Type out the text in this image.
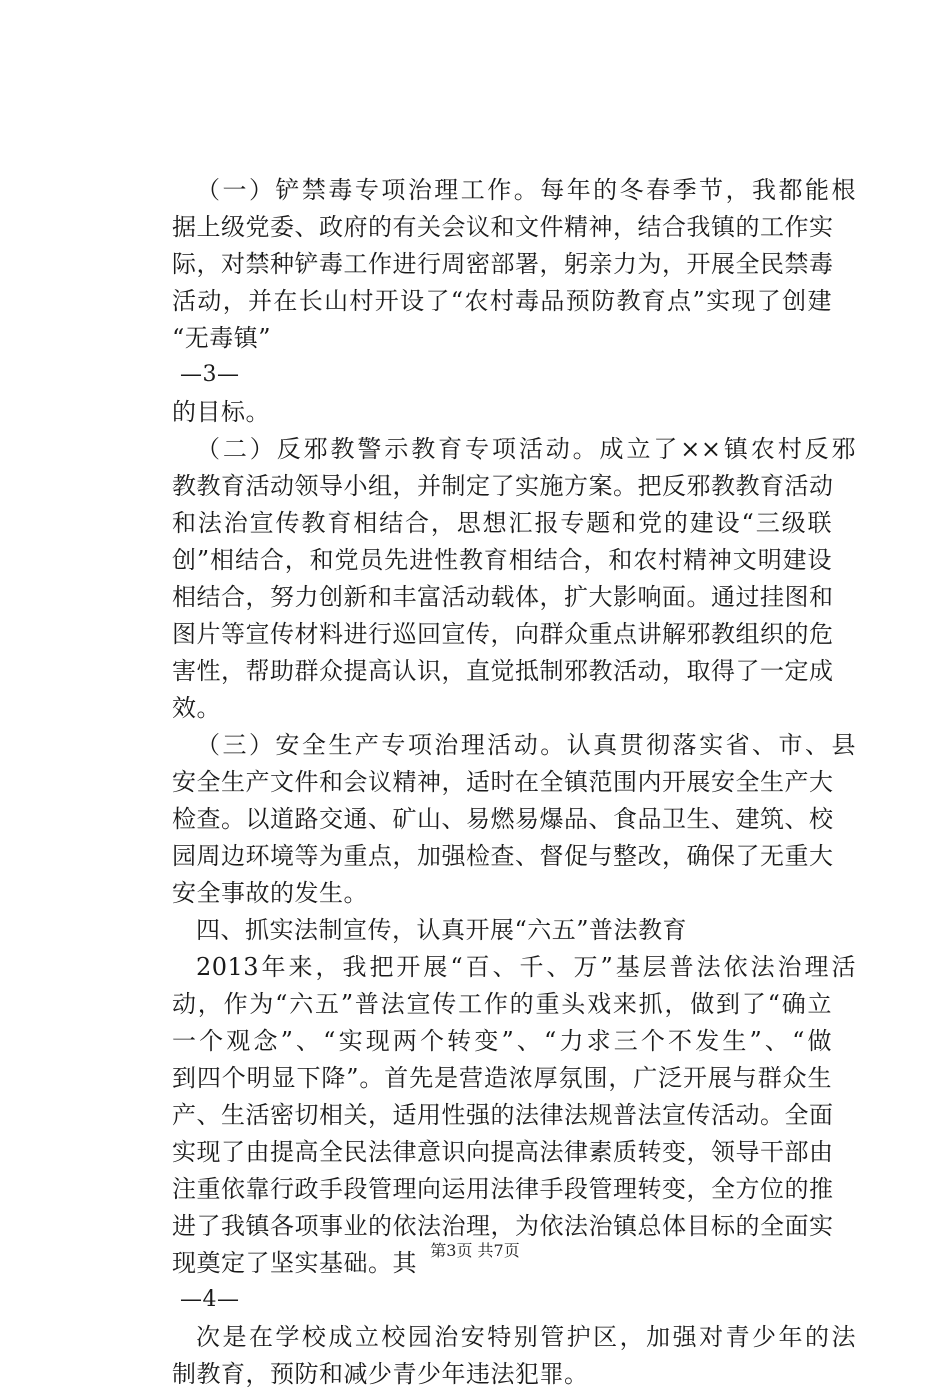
（一）铲禁毒专项治理工作。每年的冬春季节，我都能根
据上级党委、政府的有关会议和文件精神，结合我镇的工作实
际，对禁种铲毒工作进行周密部署，躬亲力为，开展全民禁毒
活动，并在长山村开设了“农村毒品预防教育点”实现了创建
“无毒镇”
—3—
的目标。
（二）反邪教警示教育专项活动。成立了××镇农村反邪
教教育活动领导小组，并制定了实施方案。把反邪教教育活动
和法治宣传教育相结合，思想汇报专题和党的建设“三级联
创”相结合，和党员先进性教育相结合，和农村精神文明建设
相结合，努力创新和丰富活动载体，扩大影响面。通过挂图和
图片等宣传材料进行巡回宣传，向群众重点讲解邪教组织的危
害性，帮助群众提高认识，直觉抵制邪教活动，取得了一定成
效。
（三）安全生产专项治理活动。认真贯彻落实省、市、县
安全生产文件和会议精神，适时在全镇范围内开展安全生产大
检查。以道路交通、矿山、易燃易爆品、食品卫生、建筑、校
园周边环境等为重点，加强检查、督促与整改，确保了无重大
安全事故的发生。
四、抓实法制宣传，认真开展“六五”普法教育
2013年来，我把开展“百、千、万”基层普法依法治理活
动，作为“六五”普法宣传工作的重头戏来抓，做到了“确立
一个观念”、“实现两个转变”、“力求三个不发生”、“做
到四个明显下降”。首先是营造浓厚氛围，广泛开展与群众生
产、生活密切相关，适用性强的法律法规普法宣传活动。全面
实现了由提高全民法律意识向提高法律素质转变，领导干部由
注重依靠行政手段管理向运用法律手段管理转变，全方位的推
进了我镇各项事业的依法治理，为依法治镇总体目标的全面实
现奠定了坚实基础。其
—4—
次是在学校成立校园治安特别管护区，加强对青少年的法
制教育，预防和减少青少年违法犯罪。
第3页 共7页
